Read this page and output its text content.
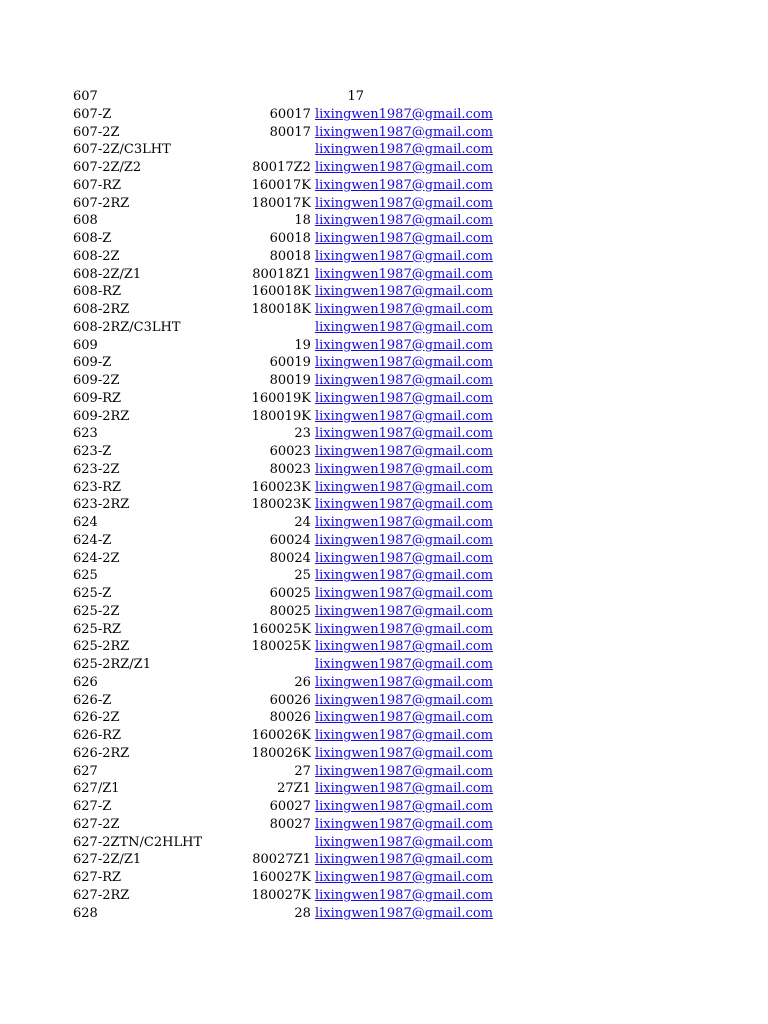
607	17
607-Z	60017 lixingwen1987@gmail.com
607-2Z	80017 lixingwen1987@gmail.com
607-2Z/C3LHT	lixingwen1987@gmail.com
607-2Z/Z2	80017Z2 lixingwen1987@gmail.com
607-RZ	160017K lixingwen1987@gmail.com
607-2RZ	180017K lixingwen1987@gmail.com
608	18 lixingwen1987@gmail.com
608-Z	60018 lixingwen1987@gmail.com
608-2Z	80018 lixingwen1987@gmail.com
608-2Z/Z1	80018Z1 lixingwen1987@gmail.com
608-RZ	160018K lixingwen1987@gmail.com
608-2RZ	180018K lixingwen1987@gmail.com
608-2RZ/C3LHT	lixingwen1987@gmail.com
609	19 lixingwen1987@gmail.com
609-Z	60019 lixingwen1987@gmail.com
609-2Z	80019 lixingwen1987@gmail.com
609-RZ	160019K lixingwen1987@gmail.com
609-2RZ	180019K lixingwen1987@gmail.com
623	23 lixingwen1987@gmail.com
623-Z	60023 lixingwen1987@gmail.com
623-2Z	80023 lixingwen1987@gmail.com
623-RZ	160023K lixingwen1987@gmail.com
623-2RZ	180023K lixingwen1987@gmail.com
624	24 lixingwen1987@gmail.com
624-Z	60024 lixingwen1987@gmail.com
624-2Z	80024 lixingwen1987@gmail.com
625	25 lixingwen1987@gmail.com
625-Z	60025 lixingwen1987@gmail.com
625-2Z	80025 lixingwen1987@gmail.com
625-RZ	160025K lixingwen1987@gmail.com
625-2RZ	180025K lixingwen1987@gmail.com
625-2RZ/Z1	lixingwen1987@gmail.com
626	26 lixingwen1987@gmail.com
626-Z	60026 lixingwen1987@gmail.com
626-2Z	80026 lixingwen1987@gmail.com
626-RZ	160026K lixingwen1987@gmail.com
626-2RZ	180026K lixingwen1987@gmail.com
627	27 lixingwen1987@gmail.com
627/Z1	27Z1 lixingwen1987@gmail.com
627-Z	60027 lixingwen1987@gmail.com
627-2Z	80027 lixingwen1987@gmail.com
627-2ZTN/C2HLHT	lixingwen1987@gmail.com
627-2Z/Z1	80027Z1 lixingwen1987@gmail.com
627-RZ	160027K lixingwen1987@gmail.com
627-2RZ	180027K lixingwen1987@gmail.com
628	28 lixingwen1987@gmail.com
